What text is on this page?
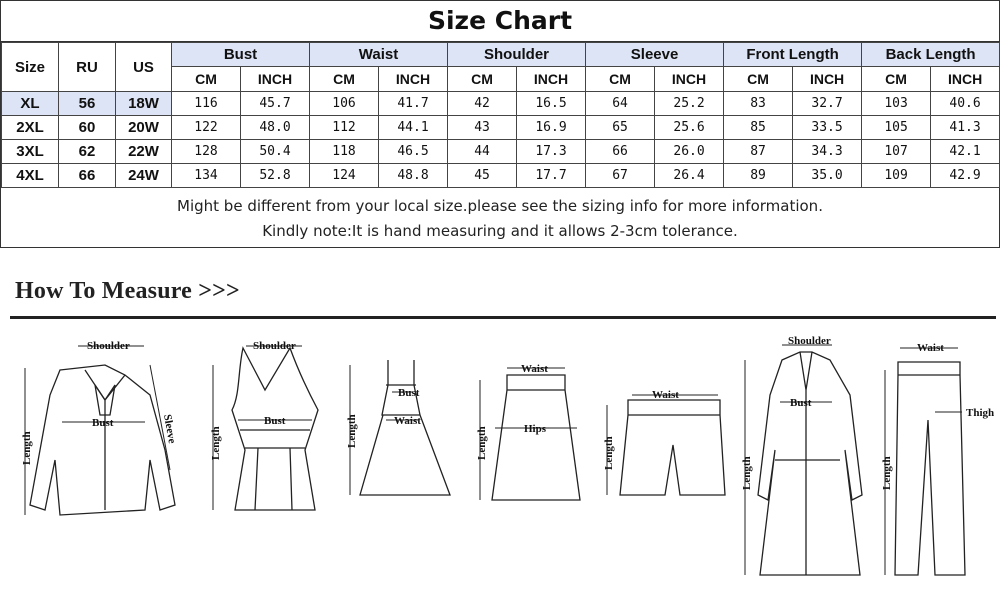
Size Chart
Size	RU	US	Bust		Waist		Shoulder		Sleeve		Front Length		Back Length	
			CM	INCH	CM	INCH	CM	INCH	CM	INCH	CM	INCH	CM	INCH
XL	56	18W	116	45.7	106	41.7	42	16.5	64	25.2	83	32.7	103	40.6
2XL	60	20W	122	48.0	112	44.1	43	16.9	65	25.6	85	33.5	105	41.3
3XL	62	22W	128	50.4	118	46.5	44	17.3	66	26.0	87	34.3	107	42.1
4XL	66	24W	134	52.8	124	48.8	45	17.7	67	26.4	89	35.0	109	42.9
Might be different from your local size.please see the sizing info for more information.
Kindly note:It is hand measuring and it allows 2-3cm tolerance.
How To Measure >>>
Shoulder
Bust	Sleeve
Length
Shoulder
Bust
Length
Bust
Waist
Length
Waist
Hips
Length
Waist
Length
Shoulder
Bust
Length
Waist
Thigh
Length
